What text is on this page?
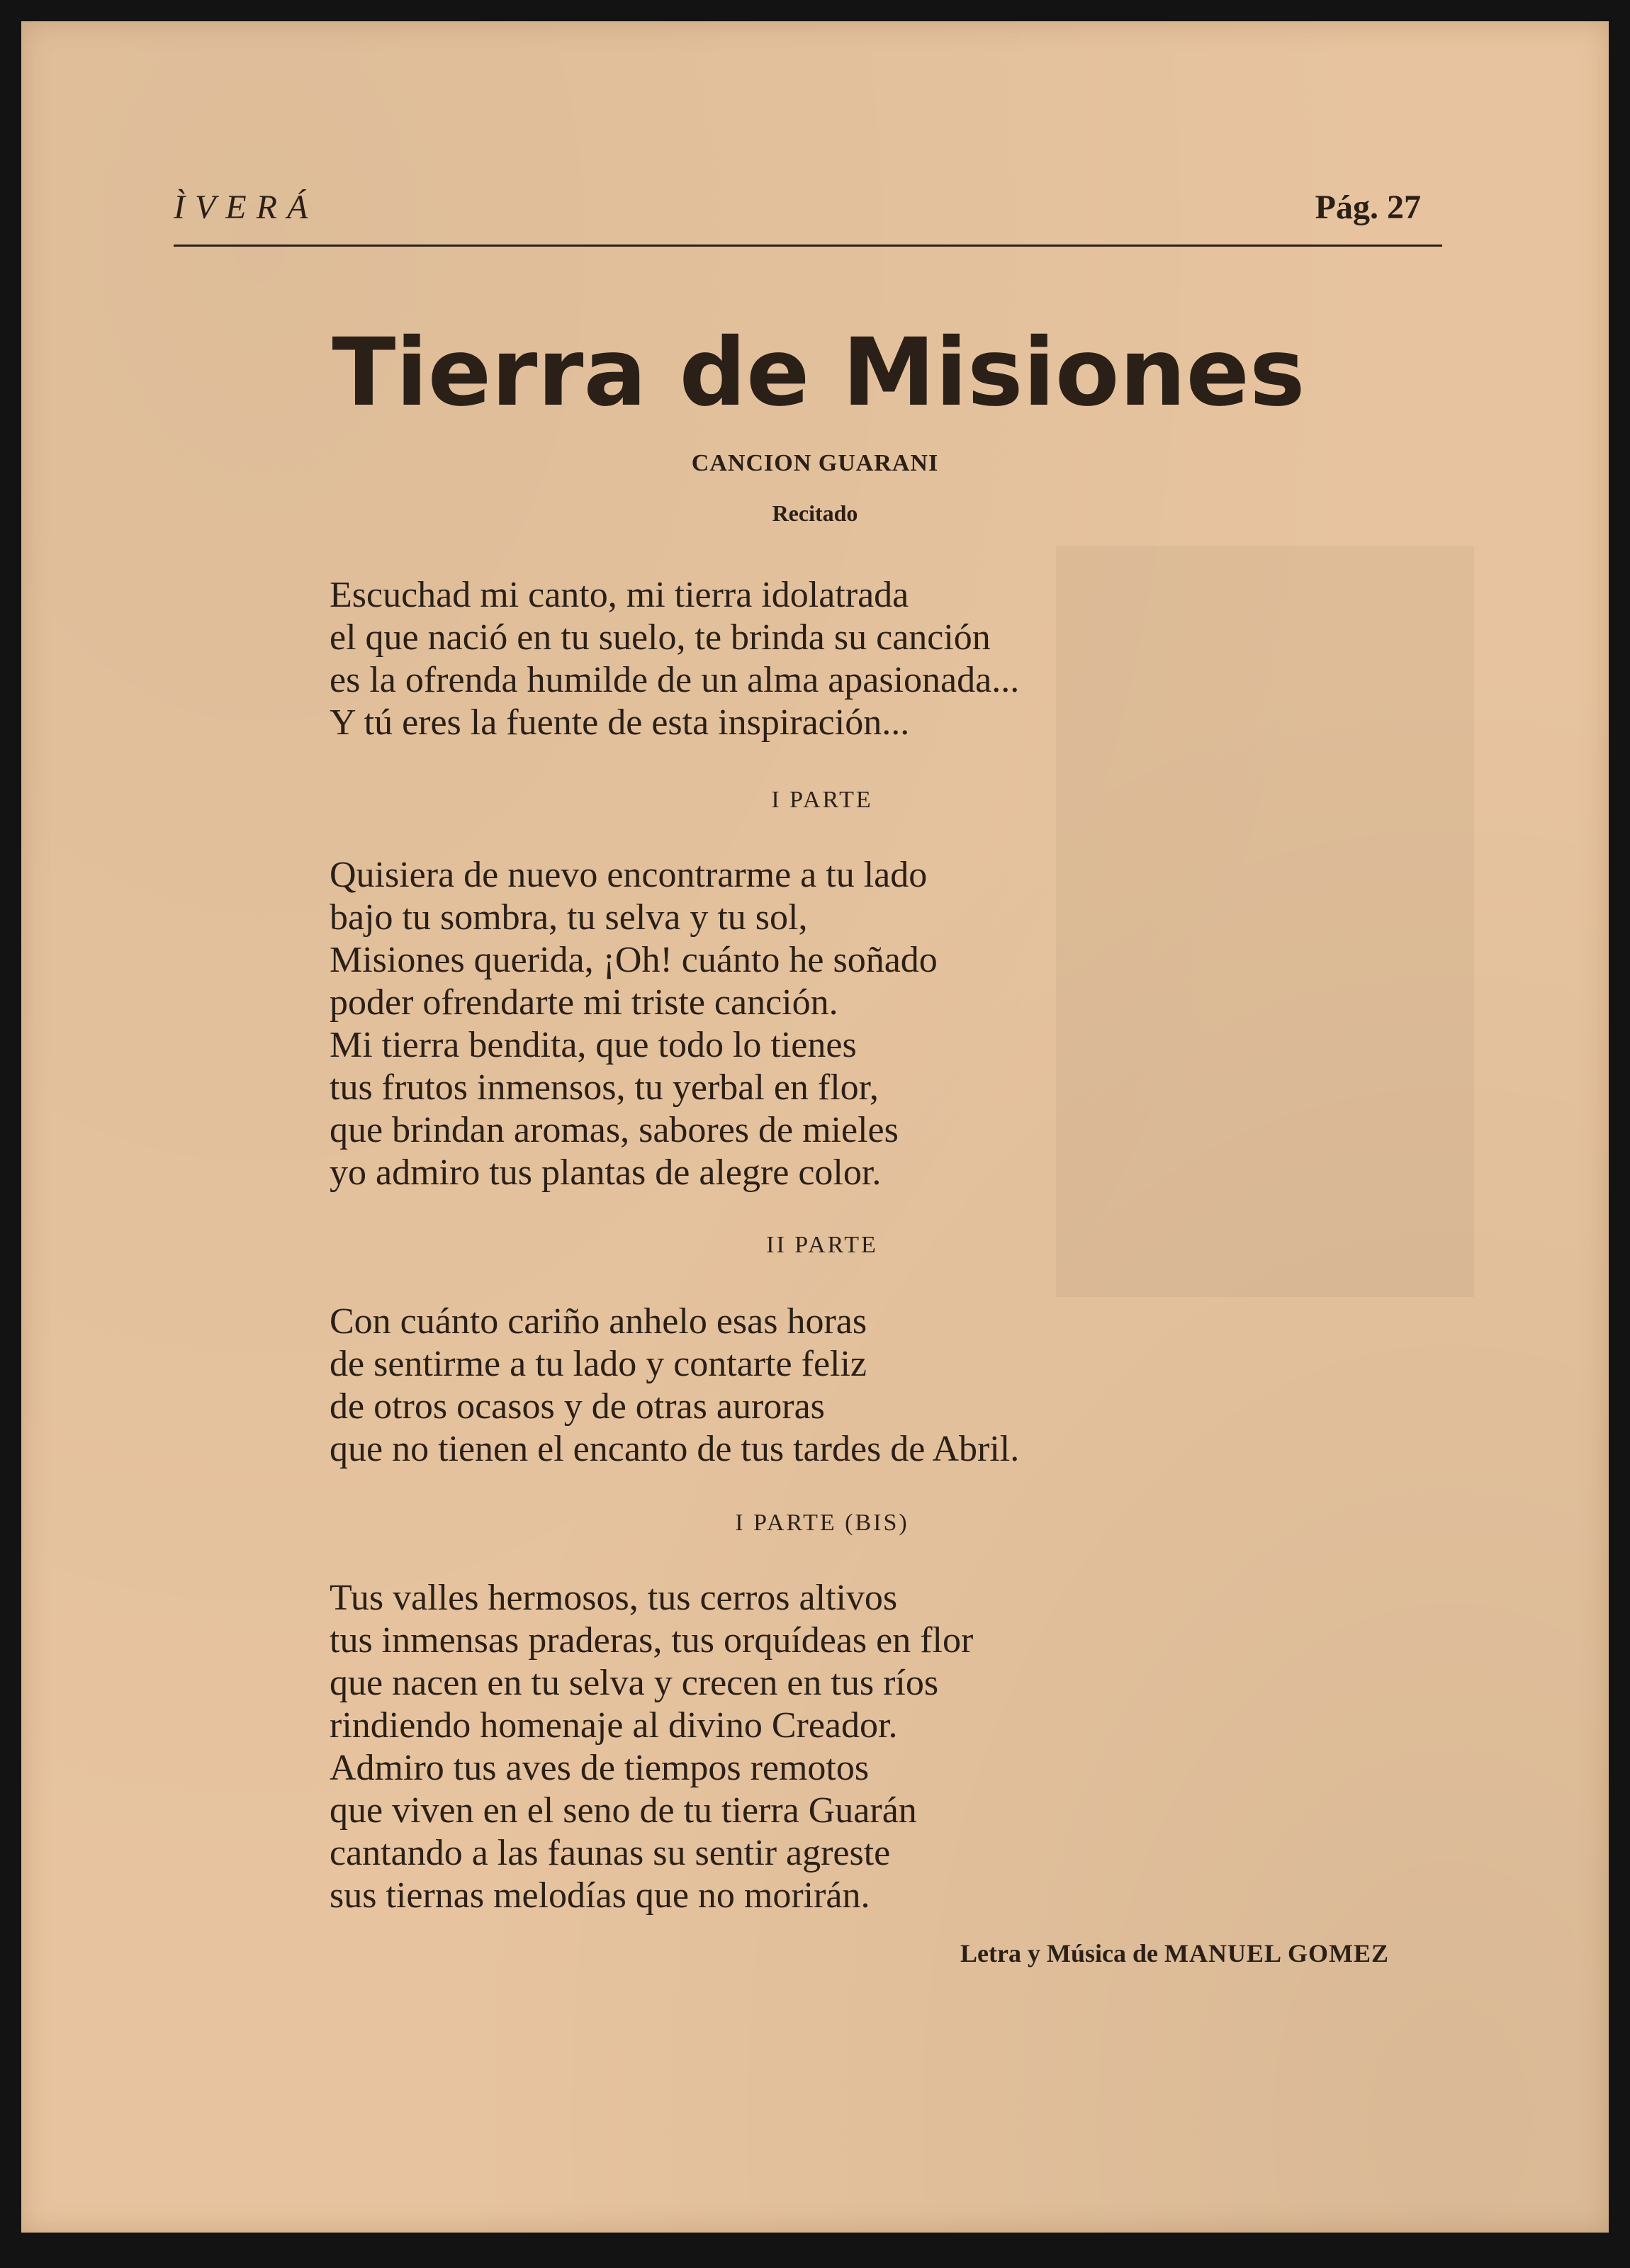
ÌVERÁ	Pág. 27
Tierra de Misiones
CANCION GUARANI
Recitado
Escuchad mi canto, mi tierra idolatrada
el que nació en tu suelo, te brinda su canción
es la ofrenda humilde de un alma apasionada...
Y tú eres la fuente de esta inspiración...
I PARTE
Quisiera de nuevo encontrarme a tu lado
bajo tu sombra, tu selva y tu sol,
Misiones querida, ¡Oh! cuánto he soñado
poder ofrendarte mi triste canción.
Mi tierra bendita, que todo lo tienes
tus frutos inmensos, tu yerbal en flor,
que brindan aromas, sabores de mieles
yo admiro tus plantas de alegre color.
II PARTE
Con cuánto cariño anhelo esas horas
de sentirme a tu lado y contarte feliz
de otros ocasos y de otras auroras
que no tienen el encanto de tus tardes de Abril.
I PARTE (BIS)
Tus valles hermosos, tus cerros altivos
tus inmensas praderas, tus orquídeas en flor
que nacen en tu selva y crecen en tus ríos
rindiendo homenaje al divino Creador.
Admiro tus aves de tiempos remotos
que viven en el seno de tu tierra Guarán
cantando a las faunas su sentir agreste
sus tiernas melodías que no morirán.
Letra y Música de MANUEL GOMEZ
